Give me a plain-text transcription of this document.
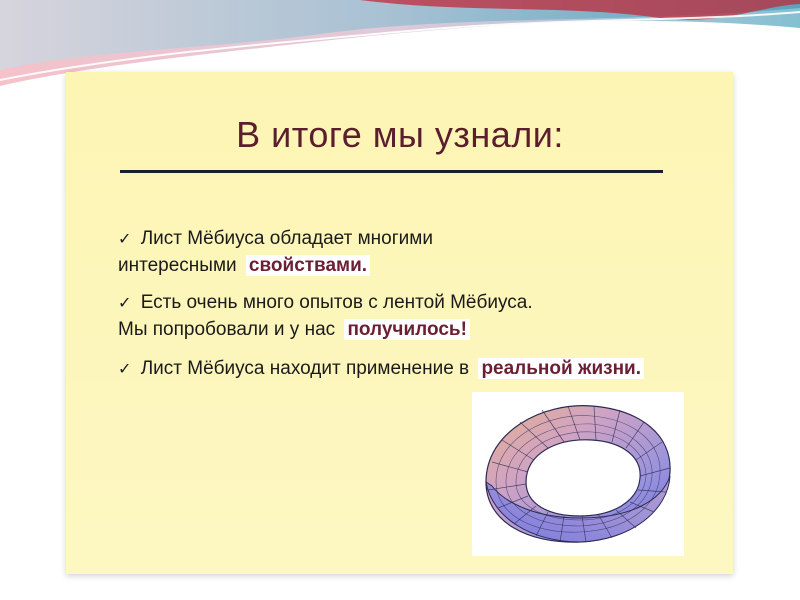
В итоге мы узнали:
✓ Лист Мёбиуса обладает многими
интересными свойствами.
✓ Есть очень много опытов с лентой Мёбиуса.
Мы попробовали и у нас получилось!
✓ Лист Мёбиуса находит применение в реальной жизни.
